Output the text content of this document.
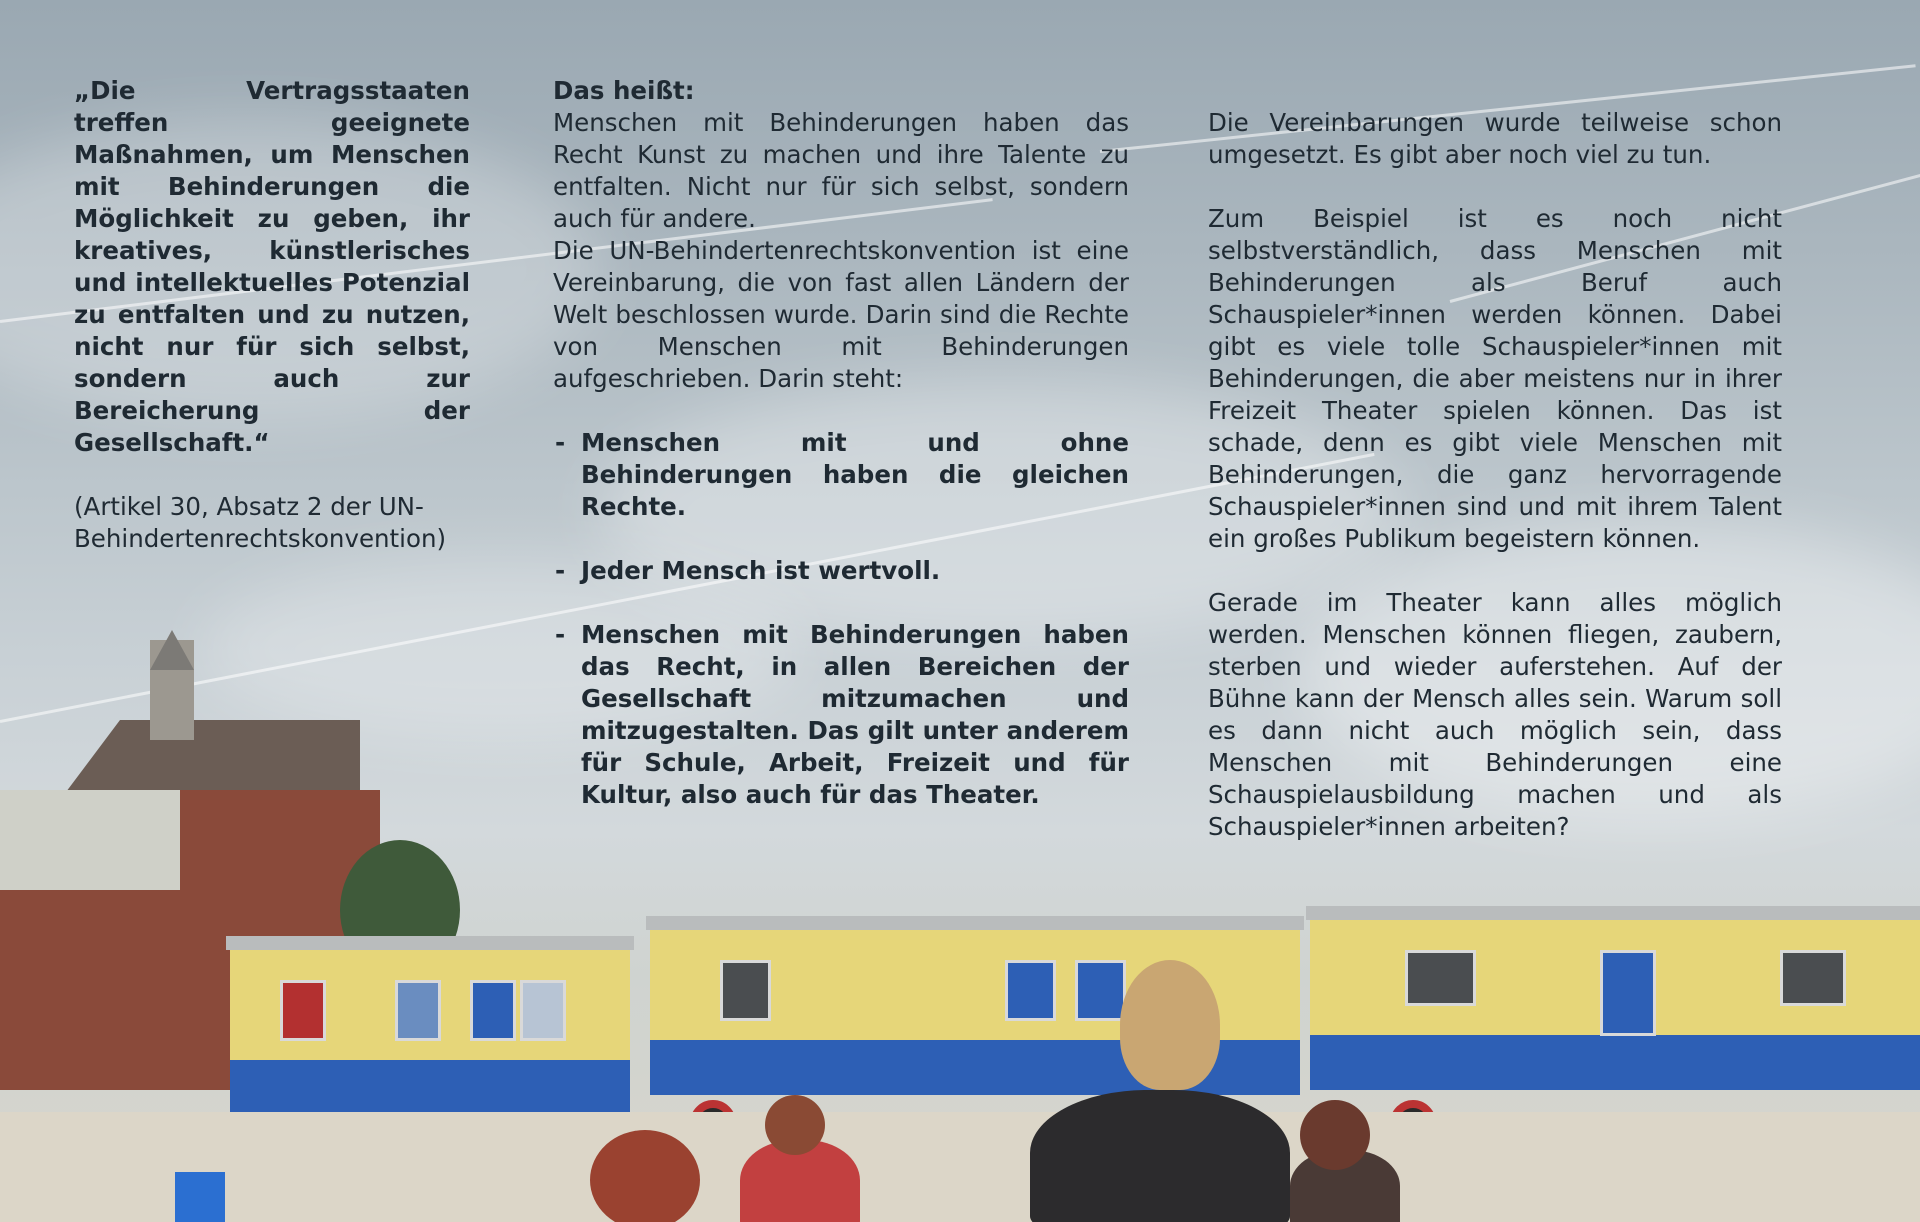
„Die Vertragsstaaten treffen geeignete Maßnahmen, um Menschen mit Behinderungen die Möglichkeit zu geben, ihr kreatives, künstlerisches und intellektuelles Potenzial zu entfalten und zu nutzen, nicht nur für sich selbst, sondern auch zur Bereicherung der Gesellschaft.“

(Artikel 30, Absatz 2 der UN-Behindertenrechtskonvention)

Das heißt:

Menschen mit Behinderungen haben das Recht Kunst zu machen und ihre Talente zu entfalten. Nicht nur für sich selbst, sondern auch für andere.

Die UN-Behindertenrechtskonvention ist eine Vereinbarung, die von fast allen Ländern der Welt beschlossen wurde. Darin sind die Rechte von Menschen mit Behinderungen aufgeschrieben. Darin steht:

- Menschen mit und ohne Behinderungen haben die gleichen Rechte.
- Jeder Mensch ist wertvoll.
- Menschen mit Behinderungen haben das Recht, in allen Bereichen der Gesellschaft mitzumachen und mitzugestalten. Das gilt unter anderem für Schule, Arbeit, Freizeit und für Kultur, also auch für das Theater.

Die Vereinbarungen wurde teilweise schon umgesetzt. Es gibt aber noch viel zu tun.

Zum Beispiel ist es noch nicht selbstverständlich, dass Menschen mit Behinderungen als Beruf auch Schauspieler*innen werden können. Dabei gibt es viele tolle Schauspieler*innen mit Behinderungen, die aber meistens nur in ihrer Freizeit Theater spielen können. Das ist schade, denn es gibt viele Menschen mit Behinderungen, die ganz hervorragende Schauspieler*innen sind und mit ihrem Talent ein großes Publikum begeistern können.

Gerade im Theater kann alles möglich werden. Menschen können fliegen, zaubern, sterben und wieder auferstehen. Auf der Bühne kann der Mensch alles sein. Warum soll es dann nicht auch möglich sein, dass Menschen mit Behinderungen eine Schauspielausbildung machen und als Schauspieler*innen arbeiten?
